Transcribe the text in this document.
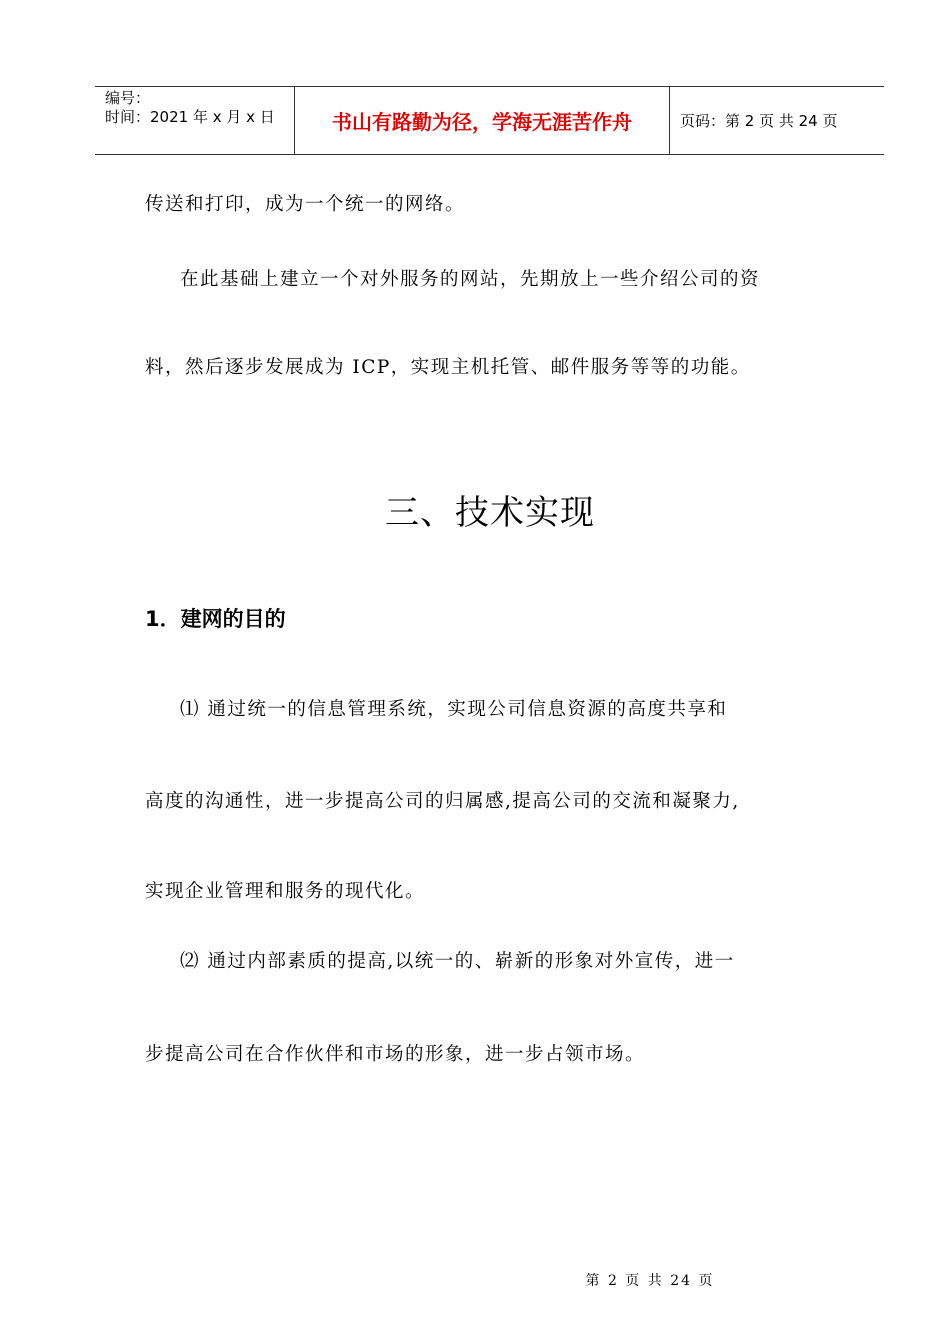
编号：
时间：2021 年 x 月 x 日	书山有路勤为径，学海无涯苦作舟	页码：第 2 页 共 24 页
传送和打印，成为一个统一的网络。
在此基础上建立一个对外服务的网站，先期放上一些介绍公司的资
料，然后逐步发展成为 ICP，实现主机托管、邮件服务等等的功能。
三、技术实现
1．建网的目的
⑴ 通过统一的信息管理系统，实现公司信息资源的高度共享和
高度的沟通性，进一步提高公司的归属感,提高公司的交流和凝聚力,
实现企业管理和服务的现代化。
⑵ 通过内部素质的提高,以统一的、崭新的形象对外宣传，进一
步提高公司在合作伙伴和市场的形象，进一步占领市场。
第 2 页 共 24 页
